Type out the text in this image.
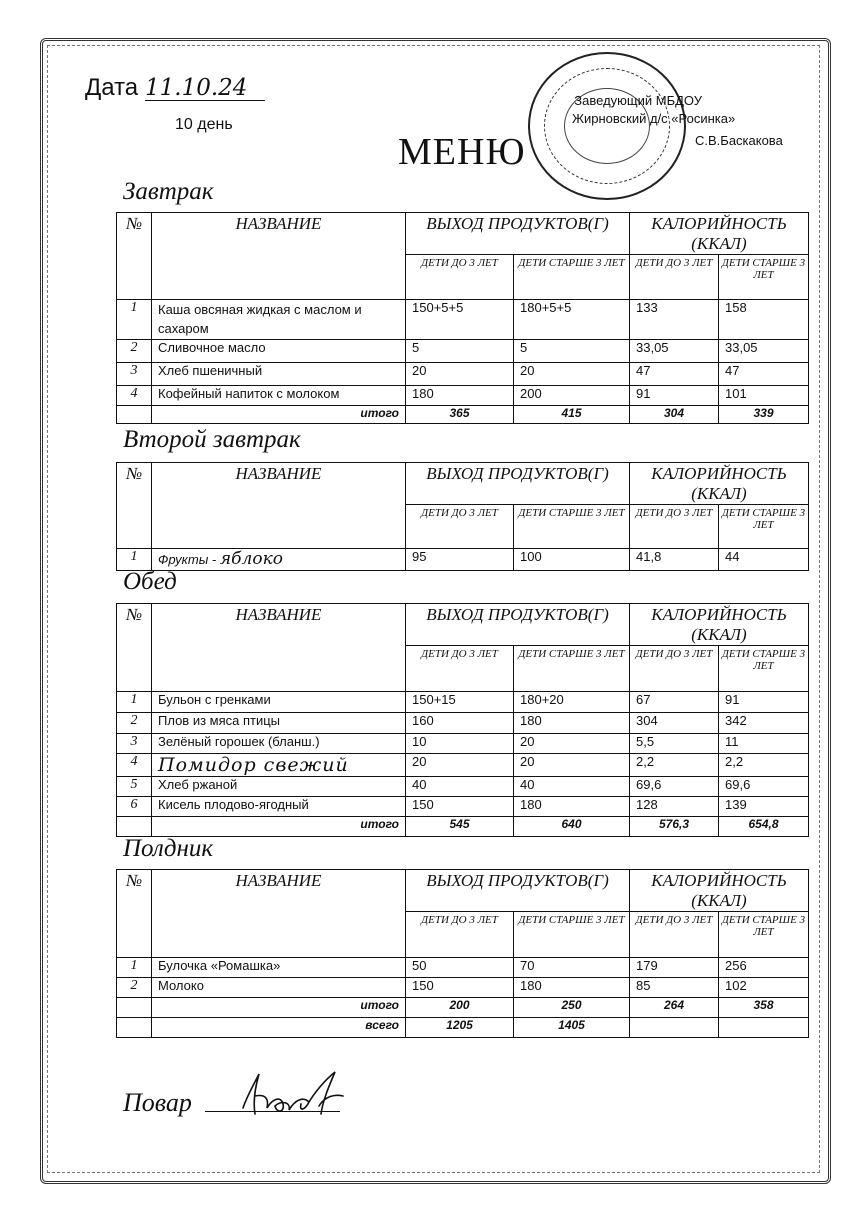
Дата 11.10.24
10 день
МЕНЮ
Заведующий МБДОУ
Жирновский д/с «Росинка»
С.В.Баскакова
Завтрак
№	НАЗВАНИЕ	ВЫХОД ПРОДУКТОВ(Г)		КАЛОРИЙНОСТЬ (ККАЛ)	
		ДЕТИ ДО 3 ЛЕТ	ДЕТИ СТАРШЕ 3 ЛЕТ	ДЕТИ ДО 3 ЛЕТ	ДЕТИ СТАРШЕ 3 ЛЕТ
1	Каша овсяная жидкая с маслом и сахаром	150+5+5	180+5+5	133	158
2	Сливочное масло	5	5	33,05	33,05
3	Хлеб пшеничный	20	20	47	47
4	Кофейный напиток с молоком	180	200	91	101
	итого	365	415	304	339
Второй завтрак
№	НАЗВАНИЕ	ВЫХОД ПРОДУКТОВ(Г)		КАЛОРИЙНОСТЬ (ККАЛ)	
		ДЕТИ ДО 3 ЛЕТ	ДЕТИ СТАРШЕ 3 ЛЕТ	ДЕТИ ДО 3 ЛЕТ	ДЕТИ СТАРШЕ 3 ЛЕТ
1	Фрукты - яблоко	95	100	41,8	44
Обед
№	НАЗВАНИЕ	ВЫХОД ПРОДУКТОВ(Г)		КАЛОРИЙНОСТЬ (ККАЛ)	
		ДЕТИ ДО 3 ЛЕТ	ДЕТИ СТАРШЕ 3 ЛЕТ	ДЕТИ ДО 3 ЛЕТ	ДЕТИ СТАРШЕ 3 ЛЕТ
1	Бульон с гренками	150+15	180+20	67	91
2	Плов из мяса птицы	160	180	304	342
3	Зелёный горошек (бланш.)	10	20	5,5	11
4	Помидор свежий	20	20	2,2	2,2
5	Хлеб ржаной	40	40	69,6	69,6
6	Кисель плодово-ягодный	150	180	128	139
	итого	545	640	576,3	654,8
Полдник
№	НАЗВАНИЕ	ВЫХОД ПРОДУКТОВ(Г)		КАЛОРИЙНОСТЬ (ККАЛ)	
		ДЕТИ ДО 3 ЛЕТ	ДЕТИ СТАРШЕ 3 ЛЕТ	ДЕТИ ДО 3 ЛЕТ	ДЕТИ СТАРШЕ 3 ЛЕТ
1	Булочка «Ромашка»	50	70	179	256
2	Молоко	150	180	85	102
	итого	200	250	264	358
	всего	1205	1405		
Повар
